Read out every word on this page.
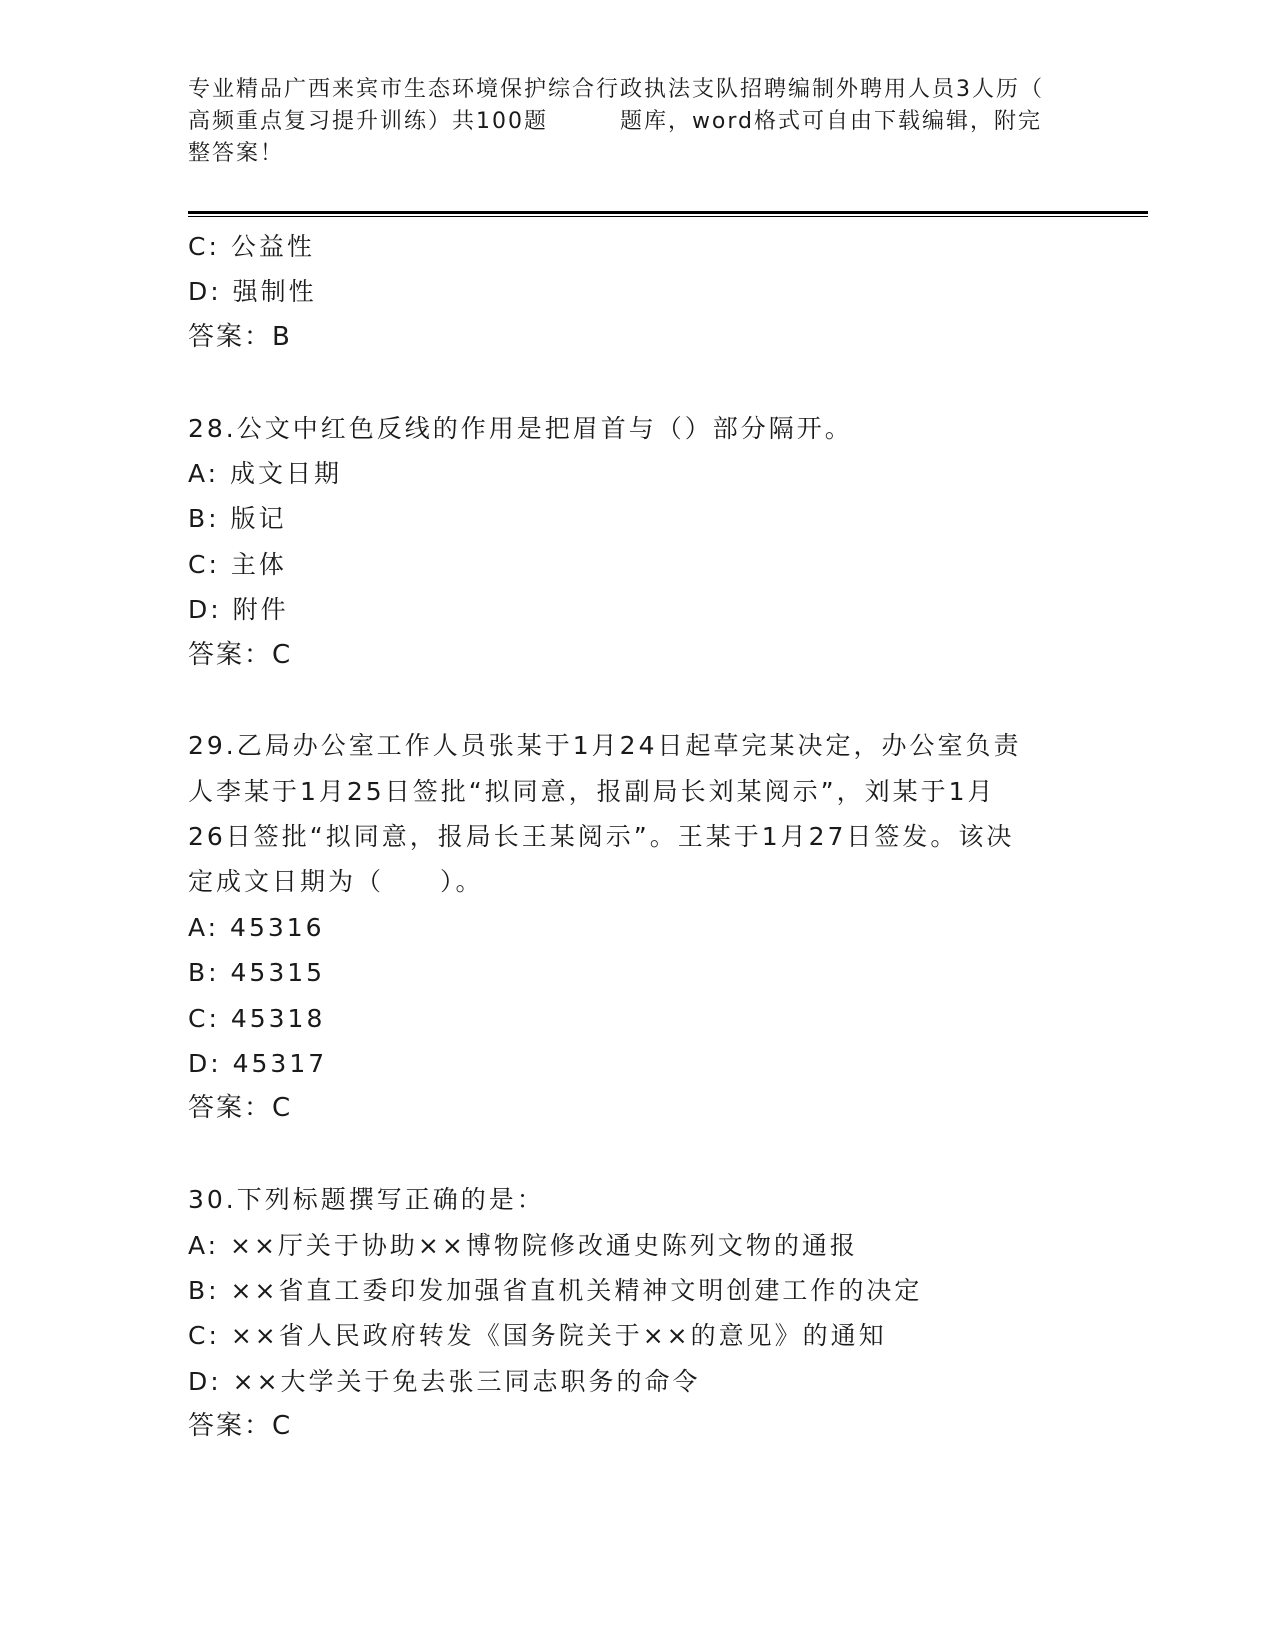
专业精品广西来宾市生态环境保护综合行政执法支队招聘编制外聘用人员3人历（
高频重点复习提升训练）共100题        题库，word格式可自由下载编辑，附完
整答案！
C: 公益性
D: 强制性
答案：B
28.公文中红色反线的作用是把眉首与（）部分隔开。
A: 成文日期
B: 版记
C: 主体
D: 附件
答案：C
29.乙局办公室工作人员张某于1月24日起草完某决定，办公室负责
人李某于1月25日签批“拟同意，报副局长刘某阅示”，刘某于1月
26日签批“拟同意，报局长王某阅示”。王某于1月27日签发。该决
定成文日期为（　　）。
A: 45316
B: 45315
C: 45318
D: 45317
答案：C
30.下列标题撰写正确的是：
A: ××厅关于协助××博物院修改通史陈列文物的通报
B: ××省直工委印发加强省直机关精神文明创建工作的决定
C: ××省人民政府转发《国务院关于××的意见》的通知
D: ××大学关于免去张三同志职务的命令
答案：C
